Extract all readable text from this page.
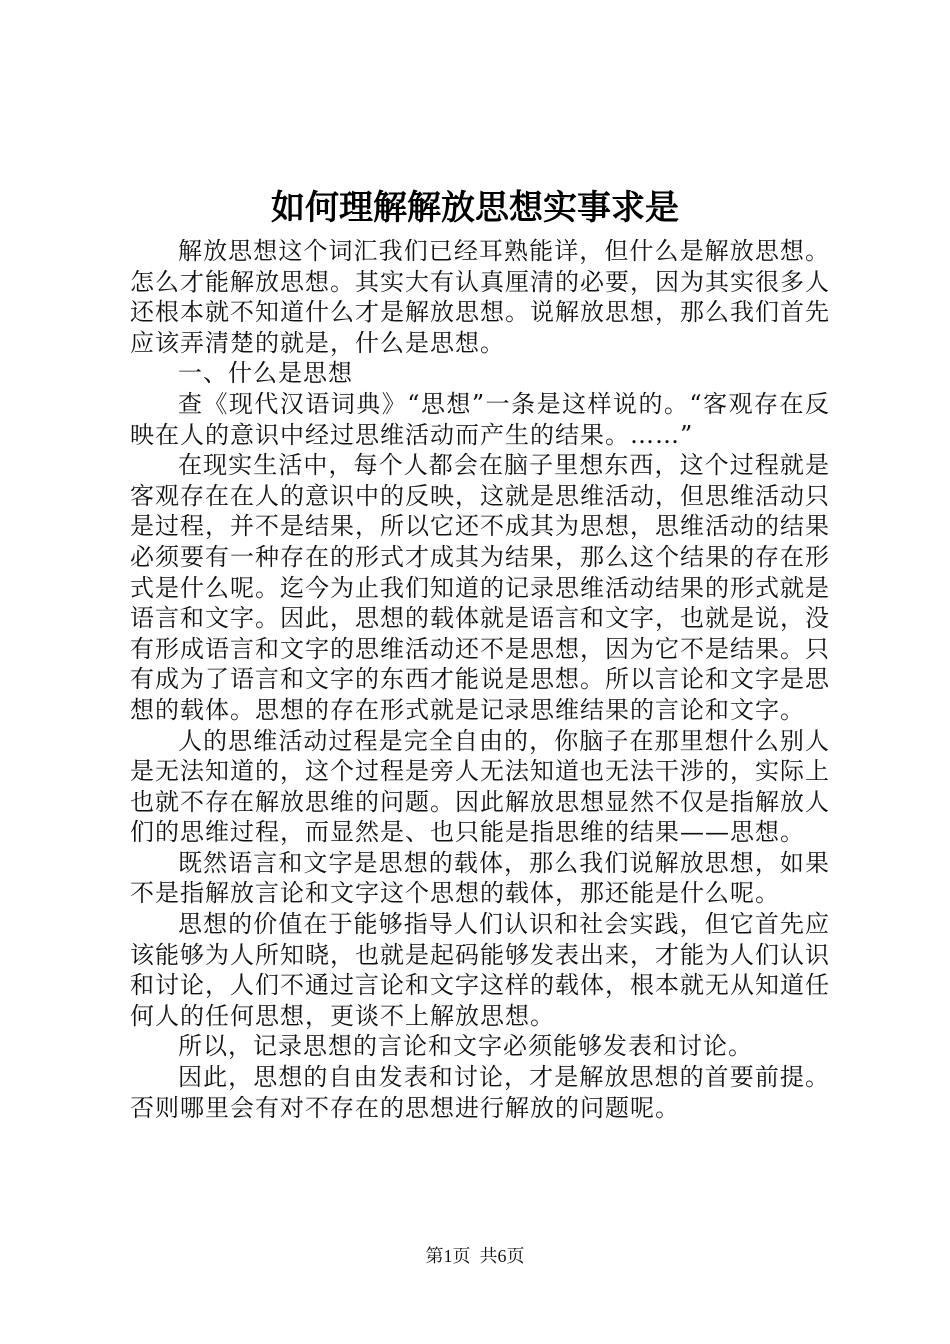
如何理解解放思想实事求是

解放思想这个词汇我们已经耳熟能详，但什么是解放思想。怎么才能解放思想。其实大有认真厘清的必要，因为其实很多人还根本就不知道什么才是解放思想。说解放思想，那么我们首先应该弄清楚的就是，什么是思想。

一、什么是思想

查《现代汉语词典》“思想”一条是这样说的。“客观存在反映在人的意识中经过思维活动而产生的结果。……”

在现实生活中，每个人都会在脑子里想东西，这个过程就是客观存在在人的意识中的反映，这就是思维活动，但思维活动只是过程，并不是结果，所以它还不成其为思想，思维活动的结果必须要有一种存在的形式才成其为结果，那么这个结果的存在形式是什么呢。迄今为止我们知道的记录思维活动结果的形式就是语言和文字。因此，思想的载体就是语言和文字，也就是说，没有形成语言和文字的思维活动还不是思想，因为它不是结果。只有成为了语言和文字的东西才能说是思想。所以言论和文字是思想的载体。思想的存在形式就是记录思维结果的言论和文字。

人的思维活动过程是完全自由的，你脑子在那里想什么别人是无法知道的，这个过程是旁人无法知道也无法干涉的，实际上也就不存在解放思维的问题。因此解放思想显然不仅是指解放人们的思维过程，而显然是、也只能是指思维的结果——思想。

既然语言和文字是思想的载体，那么我们说解放思想，如果不是指解放言论和文字这个思想的载体，那还能是什么呢。

思想的价值在于能够指导人们认识和社会实践，但它首先应该能够为人所知晓，也就是起码能够发表出来，才能为人们认识和讨论，人们不通过言论和文字这样的载体，根本就无从知道任何人的任何思想，更谈不上解放思想。

所以，记录思想的言论和文字必须能够发表和讨论。

因此，思想的自由发表和讨论，才是解放思想的首要前提。否则哪里会有对不存在的思想进行解放的问题呢。

第1页 共6页
